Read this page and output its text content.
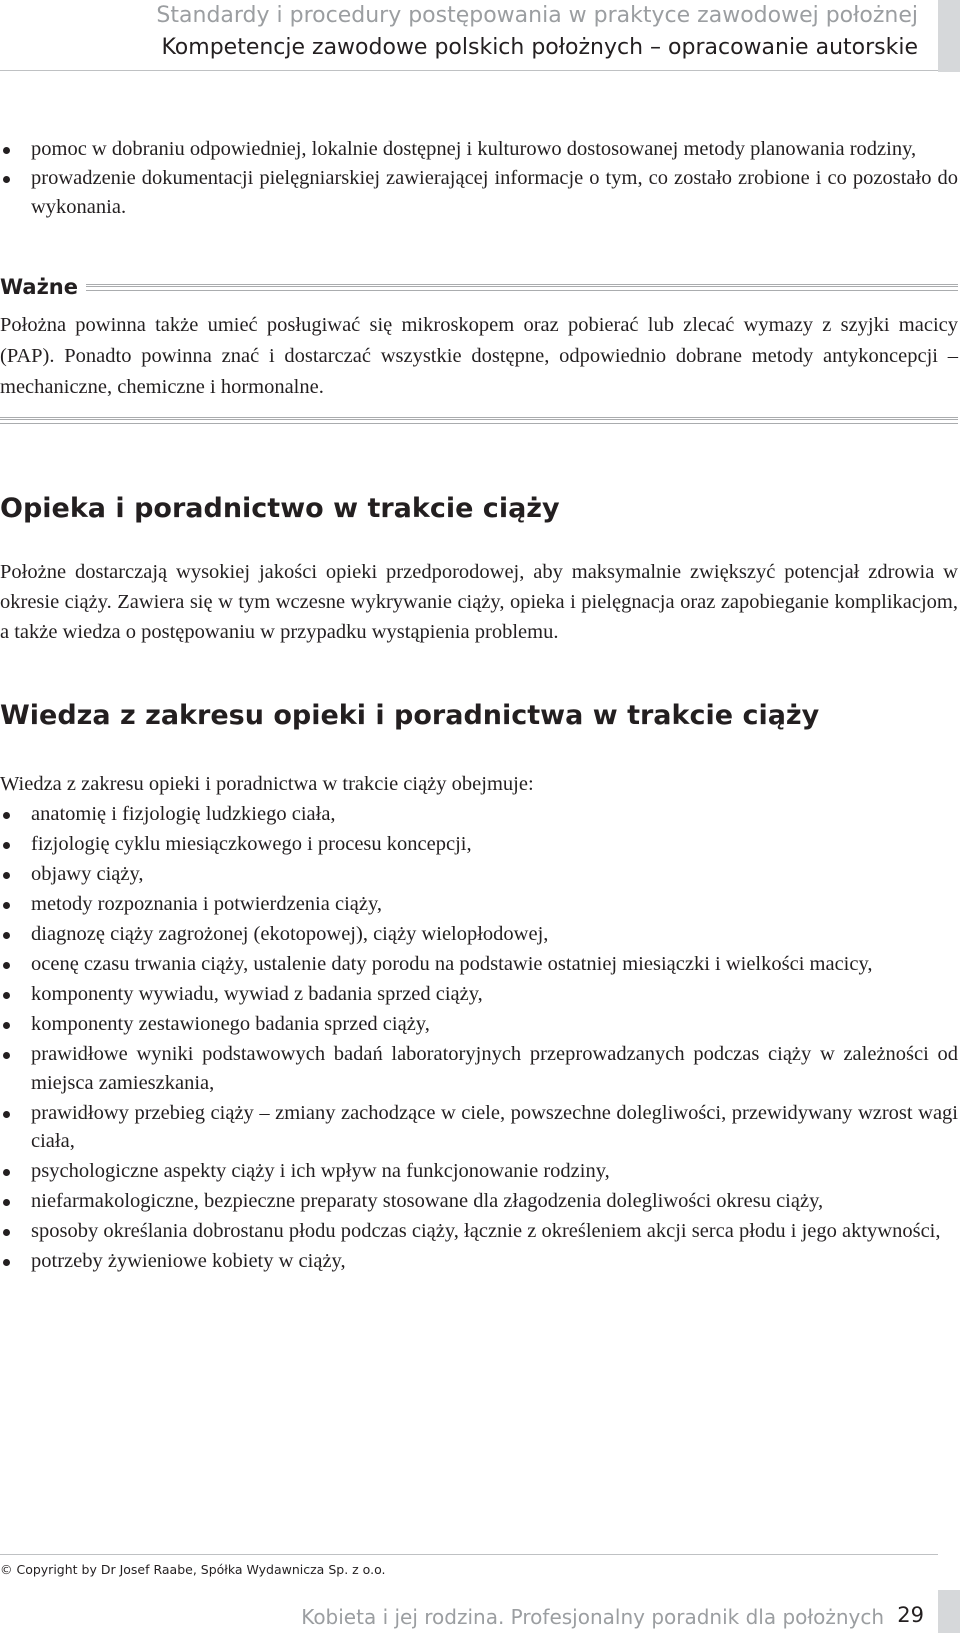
Standardy i procedury postępowania w praktyce zawodowej położnej
Kompetencje zawodowe polskich położnych – opracowanie autorskie
pomoc w dobraniu odpowiedniej, lokalnie dostępnej i kulturowo dostosowanej metody planowania rodziny,
prowadzenie dokumentacji pielęgniarskiej zawierającej informacje o tym, co zostało zrobione i co pozostało do wykonania.
Ważne
Położna powinna także umieć posługiwać się mikroskopem oraz pobierać lub zlecać wymazy z szyjki macicy (PAP). Ponadto powinna znać i dostarczać wszystkie dostępne, odpowiednio dobrane metody antykoncepcji – mechaniczne, chemiczne i hormonalne.
Opieka i poradnictwo w trakcie ciąży

Położne dostarczają wysokiej jakości opieki przedporodowej, aby maksymalnie zwiększyć potencjał zdrowia w okresie ciąży. Zawiera się w tym wczesne wykrywanie ciąży, opieka i pielęgnacja oraz zapobieganie komplikacjom, a także wiedza o postępowaniu w przypadku wystąpienia problemu.

Wiedza z zakresu opieki i poradnictwa w trakcie ciąży

Wiedza z zakresu opieki i poradnictwa w trakcie ciąży obejmuje:

anatomię i fizjologię ludzkiego ciała,
fizjologię cyklu miesiączkowego i procesu koncepcji,
objawy ciąży,
metody rozpoznania i potwierdzenia ciąży,
diagnozę ciąży zagrożonej (ekotopowej), ciąży wielopłodowej,
ocenę czasu trwania ciąży, ustalenie daty porodu na podstawie ostatniej miesiączki i wielkości macicy,
komponenty wywiadu, wywiad z badania sprzed ciąży,
komponenty zestawionego badania sprzed ciąży,
prawidłowe wyniki podstawowych badań laboratoryjnych przeprowadzanych podczas ciąży w zależności od miejsca zamieszkania,
prawidłowy przebieg ciąży – zmiany zachodzące w ciele, powszechne dolegliwości, przewidywany wzrost wagi ciała,
psychologiczne aspekty ciąży i ich wpływ na funkcjonowanie rodziny,
niefarmakologiczne, bezpieczne preparaty stosowane dla złagodzenia dolegliwości okresu ciąży,
sposoby określania dobrostanu płodu podczas ciąży, łącznie z określeniem akcji serca płodu i jego aktywności,
potrzeby żywieniowe kobiety w ciąży,
© Copyright by Dr Josef Raabe, Spółka Wydawnicza Sp. z o.o.
Kobieta i jej rodzina. Profesjonalny poradnik dla położnych 29
